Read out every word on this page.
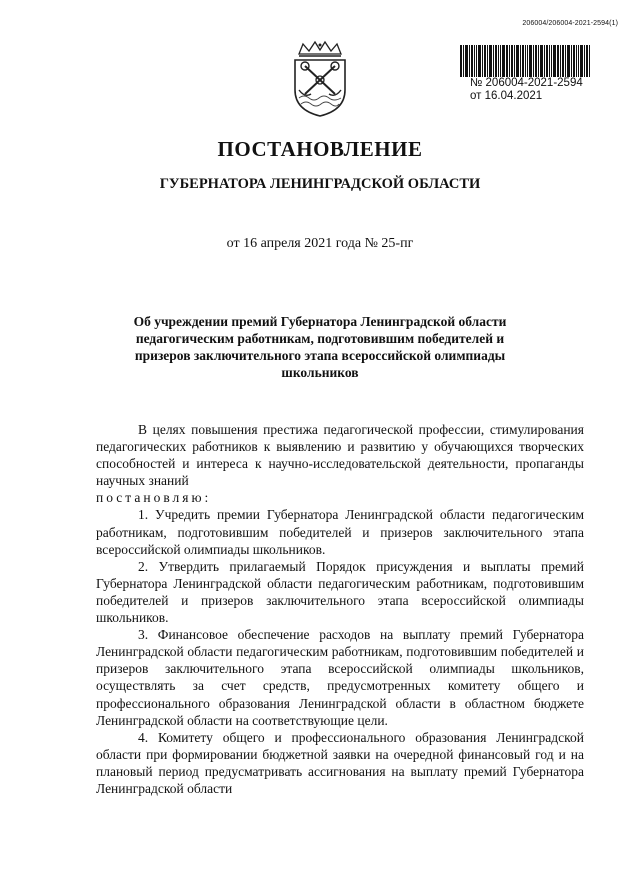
206004/206004-2021-2594(1)
№ 206004-2021-2594
от 16.04.2021
ПОСТАНОВЛЕНИЕ
ГУБЕРНАТОРА ЛЕНИНГРАДСКОЙ ОБЛАСТИ
от 16 апреля 2021 года № 25-пг
Об учреждении премий Губернатора Ленинградской области педагогическим работникам, подготовившим победителей и призеров заключительного этапа всероссийской олимпиады школьников

В целях повышения престижа педагогической профессии, стимулирования педагогических работников к выявлению и развитию у обучающихся творческих способностей и интереса к научно-исследовательской деятельности, пропаганды научных знаний

постановляю:

1. Учредить премии Губернатора Ленинградской области педагогическим работникам, подготовившим победителей и призеров заключительного этапа всероссийской олимпиады школьников.

2. Утвердить прилагаемый Порядок присуждения и выплаты премий Губернатора Ленинградской области педагогическим работникам, подготовившим победителей и призеров заключительного этапа всероссийской олимпиады школьников.

3. Финансовое обеспечение расходов на выплату премий Губернатора Ленинградской области педагогическим работникам, подготовившим победителей и призеров заключительного этапа всероссийской олимпиады школьников, осуществлять за счет средств, предусмотренных комитету общего и профессионального образования Ленинградской области в областном бюджете Ленинградской области на соответствующие цели.

4. Комитету общего и профессионального образования Ленинградской области при формировании бюджетной заявки на очередной финансовый год и на плановый период предусматривать ассигнования на выплату премий Губернатора Ленинградской области
